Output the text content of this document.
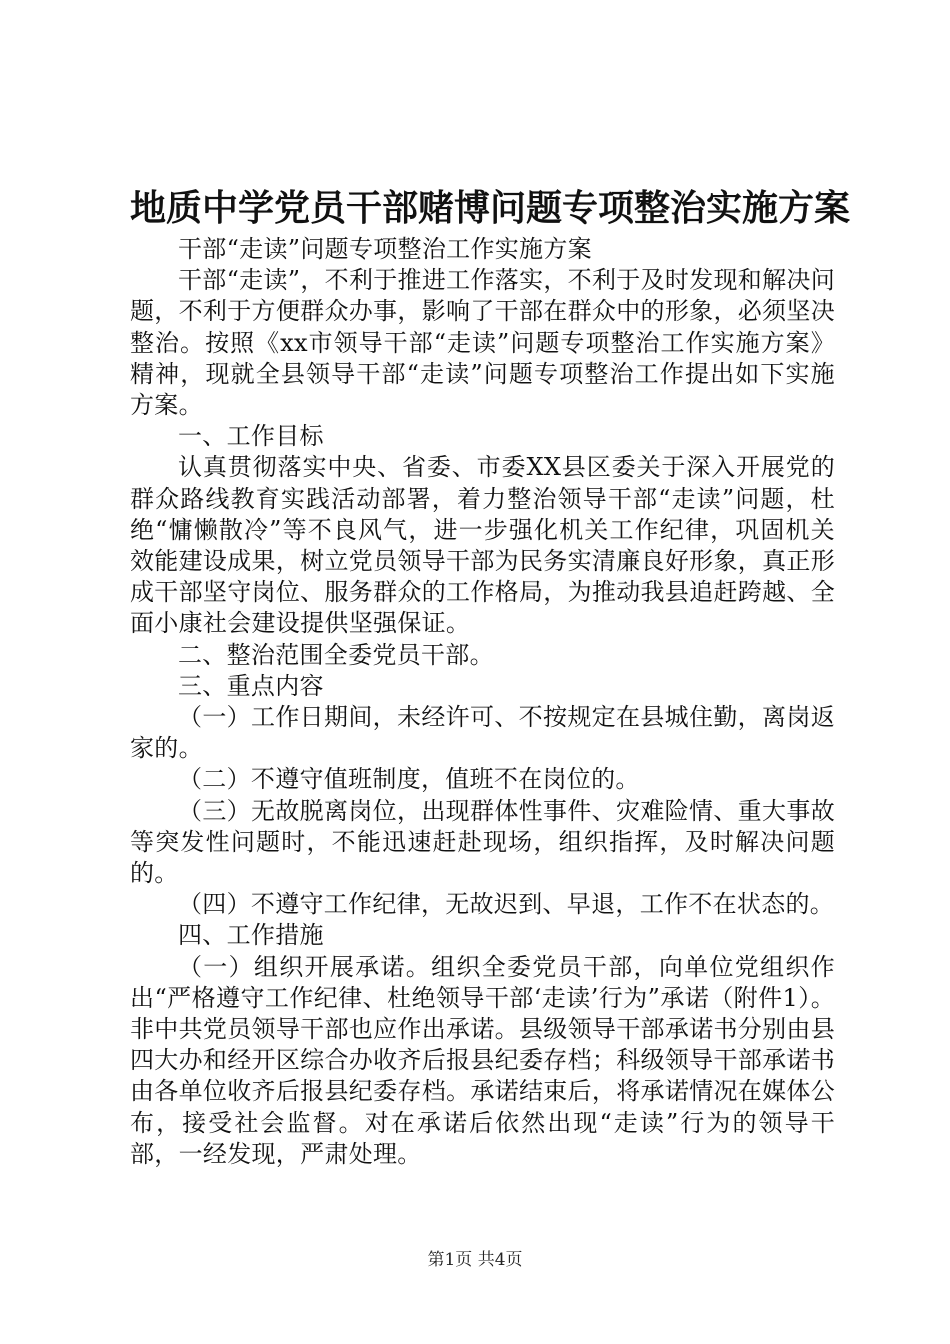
地质中学党员干部赌博问题专项整治实施方案

干部“走读”问题专项整治工作实施方案

干部“走读”，不利于推进工作落实，不利于及时发现和解决问题，不利于方便群众办事，影响了干部在群众中的形象，必须坚决整治。按照《xx市领导干部“走读”问题专项整治工作实施方案》精神，现就全县领导干部“走读”问题专项整治工作提出如下实施方案。

一、工作目标

认真贯彻落实中央、省委、市委XX县区委关于深入开展党的群众路线教育实践活动部署，着力整治领导干部“走读”问题，杜绝“慵懒散冷”等不良风气，进一步强化机关工作纪律，巩固机关效能建设成果，树立党员领导干部为民务实清廉良好形象，真正形成干部坚守岗位、服务群众的工作格局，为推动我县追赶跨越、全面小康社会建设提供坚强保证。

二、整治范围全委党员干部。

三、重点内容

（一）工作日期间，未经许可、不按规定在县城住勤，离岗返家的。

（二）不遵守值班制度，值班不在岗位的。

（三）无故脱离岗位，出现群体性事件、灾难险情、重大事故等突发性问题时，不能迅速赶赴现场，组织指挥，及时解决问题的。

（四）不遵守工作纪律，无故迟到、早退，工作不在状态的。

四、工作措施

（一）组织开展承诺。组织全委党员干部，向单位党组织作出“严格遵守工作纪律、杜绝领导干部‘走读’行为”承诺（附件1）。非中共党员领导干部也应作出承诺。县级领导干部承诺书分别由县四大办和经开区综合办收齐后报县纪委存档；科级领导干部承诺书由各单位收齐后报县纪委存档。承诺结束后，将承诺情况在媒体公布，接受社会监督。对在承诺后依然出现“走读”行为的领导干部，一经发现，严肃处理。

第1页 共4页
